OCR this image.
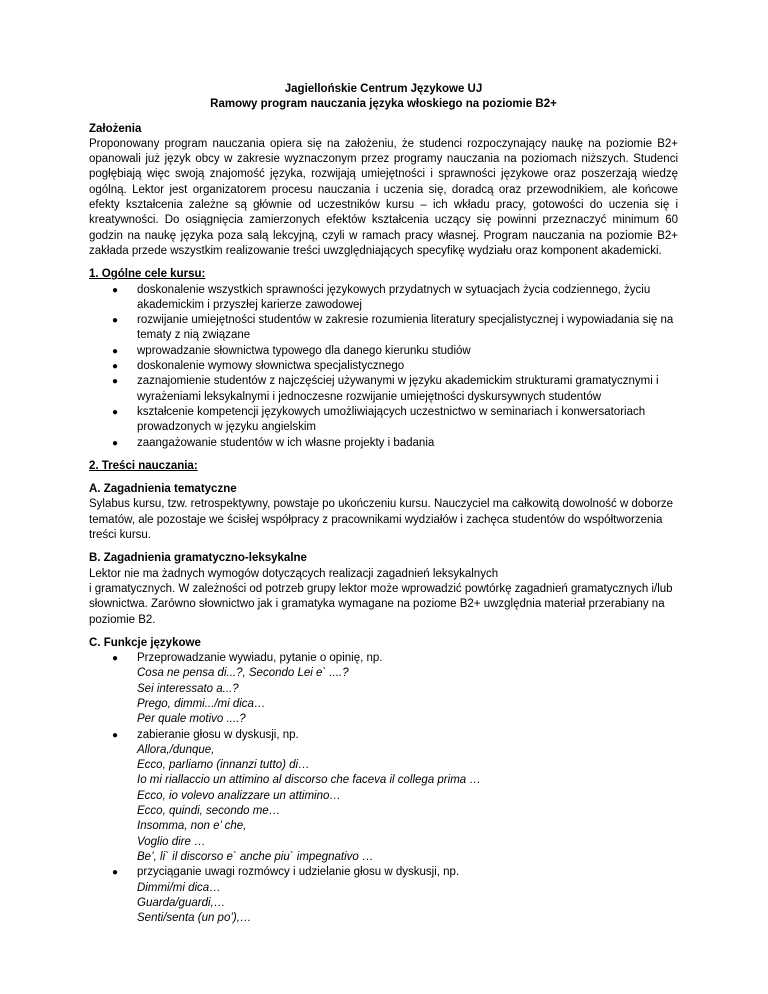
Jagiellońskie Centrum Językowe UJ

Ramowy program nauczania języka włoskiego na poziomie B2+

Założenia

Proponowany program nauczania opiera się na założeniu, że studenci rozpoczynający naukę na poziomie B2+ opanowali już język obcy w zakresie wyznaczonym przez programy nauczania na poziomach niższych. Studenci pogłębiają więc swoją znajomość języka, rozwijają umiejętności i sprawności językowe oraz poszerzają wiedzę ogólną. Lektor jest organizatorem procesu nauczania i uczenia się, doradcą oraz przewodnikiem, ale końcowe efekty kształcenia zależne są głównie od uczestników kursu – ich wkładu pracy, gotowości do uczenia się i kreatywności. Do osiągnięcia zamierzonych efektów kształcenia uczący się powinni przeznaczyć minimum 60 godzin na naukę języka poza salą lekcyjną, czyli w ramach pracy własnej. Program nauczania na poziomie B2+ zakłada przede wszystkim realizowanie treści uwzględniających specyfikę wydziału oraz komponent akademicki.

1. Ogólne cele kursu:

● doskonalenie wszystkich sprawności językowych przydatnych w sytuacjach życia codziennego, życiu akademickim i przyszłej karierze zawodowej
● rozwijanie umiejętności studentów w zakresie rozumienia literatury specjalistycznej i wypowiadania się na tematy z nią związane
● wprowadzanie słownictwa typowego dla danego kierunku studiów
● doskonalenie wymowy słownictwa specjalistycznego
● zaznajomienie studentów z najczęściej używanymi w języku akademickim strukturami gramatycznymi i wyrażeniami leksykalnymi i jednoczesne rozwijanie umiejętności dyskursywnych studentów
● kształcenie kompetencji językowych umożliwiających uczestnictwo w seminariach i konwersatoriach prowadzonych w języku angielskim
● zaangażowanie studentów w ich własne projekty i badania

2. Treści nauczania:

A. Zagadnienia tematyczne

Sylabus kursu, tzw. retrospektywny, powstaje po ukończeniu kursu. Nauczyciel ma całkowitą dowolność w doborze tematów, ale pozostaje we ścisłej współpracy z pracownikami wydziałów i zachęca studentów do współtworzenia treści kursu.

B. Zagadnienia gramatyczno-leksykalne

Lektor nie ma żadnych wymogów dotyczących realizacji zagadnień leksykalnych

i gramatycznych. W zależności od potrzeb grupy lektor może wprowadzić powtórkę zagadnień gramatycznych i/lub słownictwa. Zarówno słownictwo jak i gramatyka wymagane na poziome B2+ uwzględnia materiał przerabiany na poziomie B2.

C. Funkcje językowe

● Przeprowadzanie wywiadu, pytanie o opinię, np.
Cosa ne pensa di...?, Secondo Lei e` ....?
Sei interessato a...?
Prego, dimmi.../mi dica…
Per quale motivo ....?
● zabieranie głosu w dyskusji, np.
Allora,/dunque,
Ecco, parliamo (innanzi tutto) di…
Io mi riallaccio un attimino al discorso che faceva il collega prima …
Ecco, io volevo analizzare un attimino…
Ecco, quindi, secondo me…
Insomma, non e’ che,
Voglio dire …
Be’, li` il discorso e` anche piu` impegnativo …
● przyciąganie uwagi rozmówcy i udzielanie głosu w dyskusji, np.
Dimmi/mi dica…
Guarda/guardi,…
Senti/senta (un po’),…
